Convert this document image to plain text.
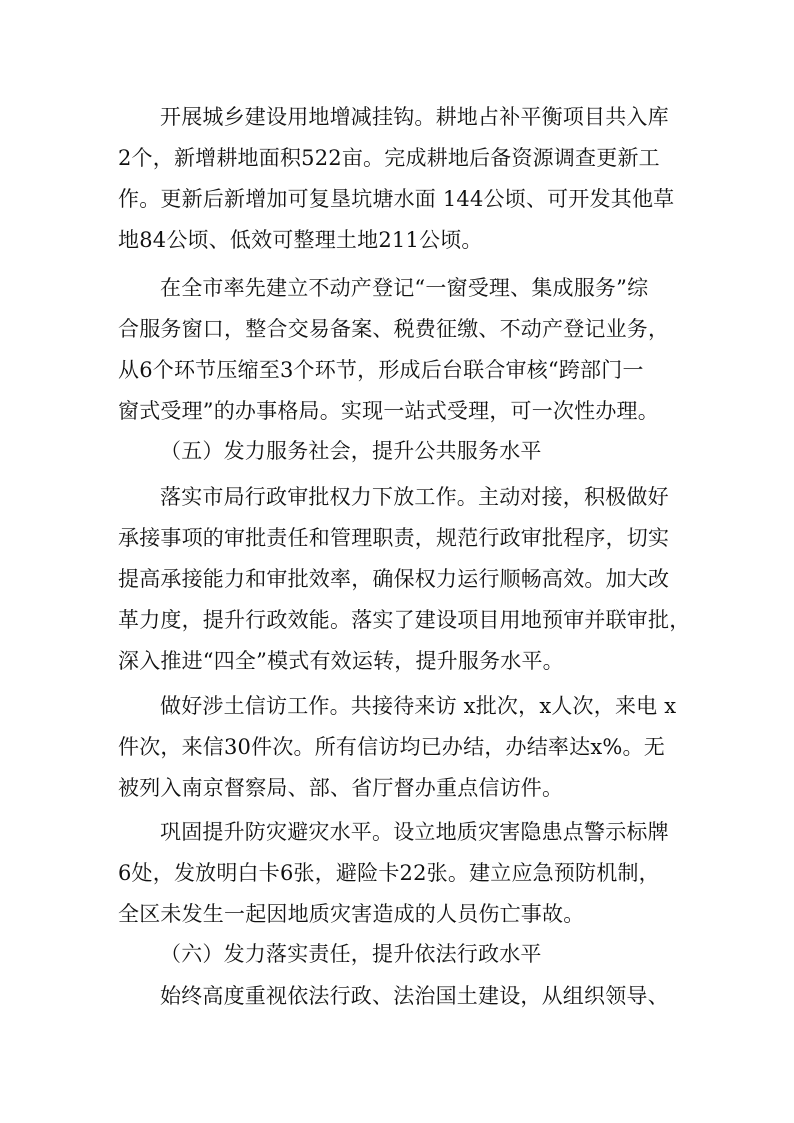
开展城乡建设用地增减挂钩。耕地占补平衡项目共入库

2个，新增耕地面积522亩。完成耕地后备资源调查更新工

作。更新后新增加可复垦坑塘水面 144公顷、可开发其他草

地84公顷、低效可整理土地211公顷。

在全市率先建立不动产登记“一窗受理、集成服务”综

合服务窗口，整合交易备案、税费征缴、不动产登记业务，

从6个环节压缩至3个环节，形成后台联合审核“跨部门一

窗式受理”的办事格局。实现一站式受理，可一次性办理。

（五）发力服务社会，提升公共服务水平

落实市局行政审批权力下放工作。主动对接，积极做好

承接事项的审批责任和管理职责，规范行政审批程序，切实

提高承接能力和审批效率，确保权力运行顺畅高效。加大改

革力度，提升行政效能。落实了建设项目用地预审并联审批，

深入推进“四全”模式有效运转，提升服务水平。

做好涉土信访工作。共接待来访 x批次，x人次，来电 x

件次，来信30件次。所有信访均已办结，办结率达x%。无

被列入南京督察局、部、省厅督办重点信访件。

巩固提升防灾避灾水平。设立地质灾害隐患点警示标牌

6处，发放明白卡6张，避险卡22张。建立应急预防机制，

全区未发生一起因地质灾害造成的人员伤亡事故。

（六）发力落实责任，提升依法行政水平

始终高度重视依法行政、法治国土建设，从组织领导、
